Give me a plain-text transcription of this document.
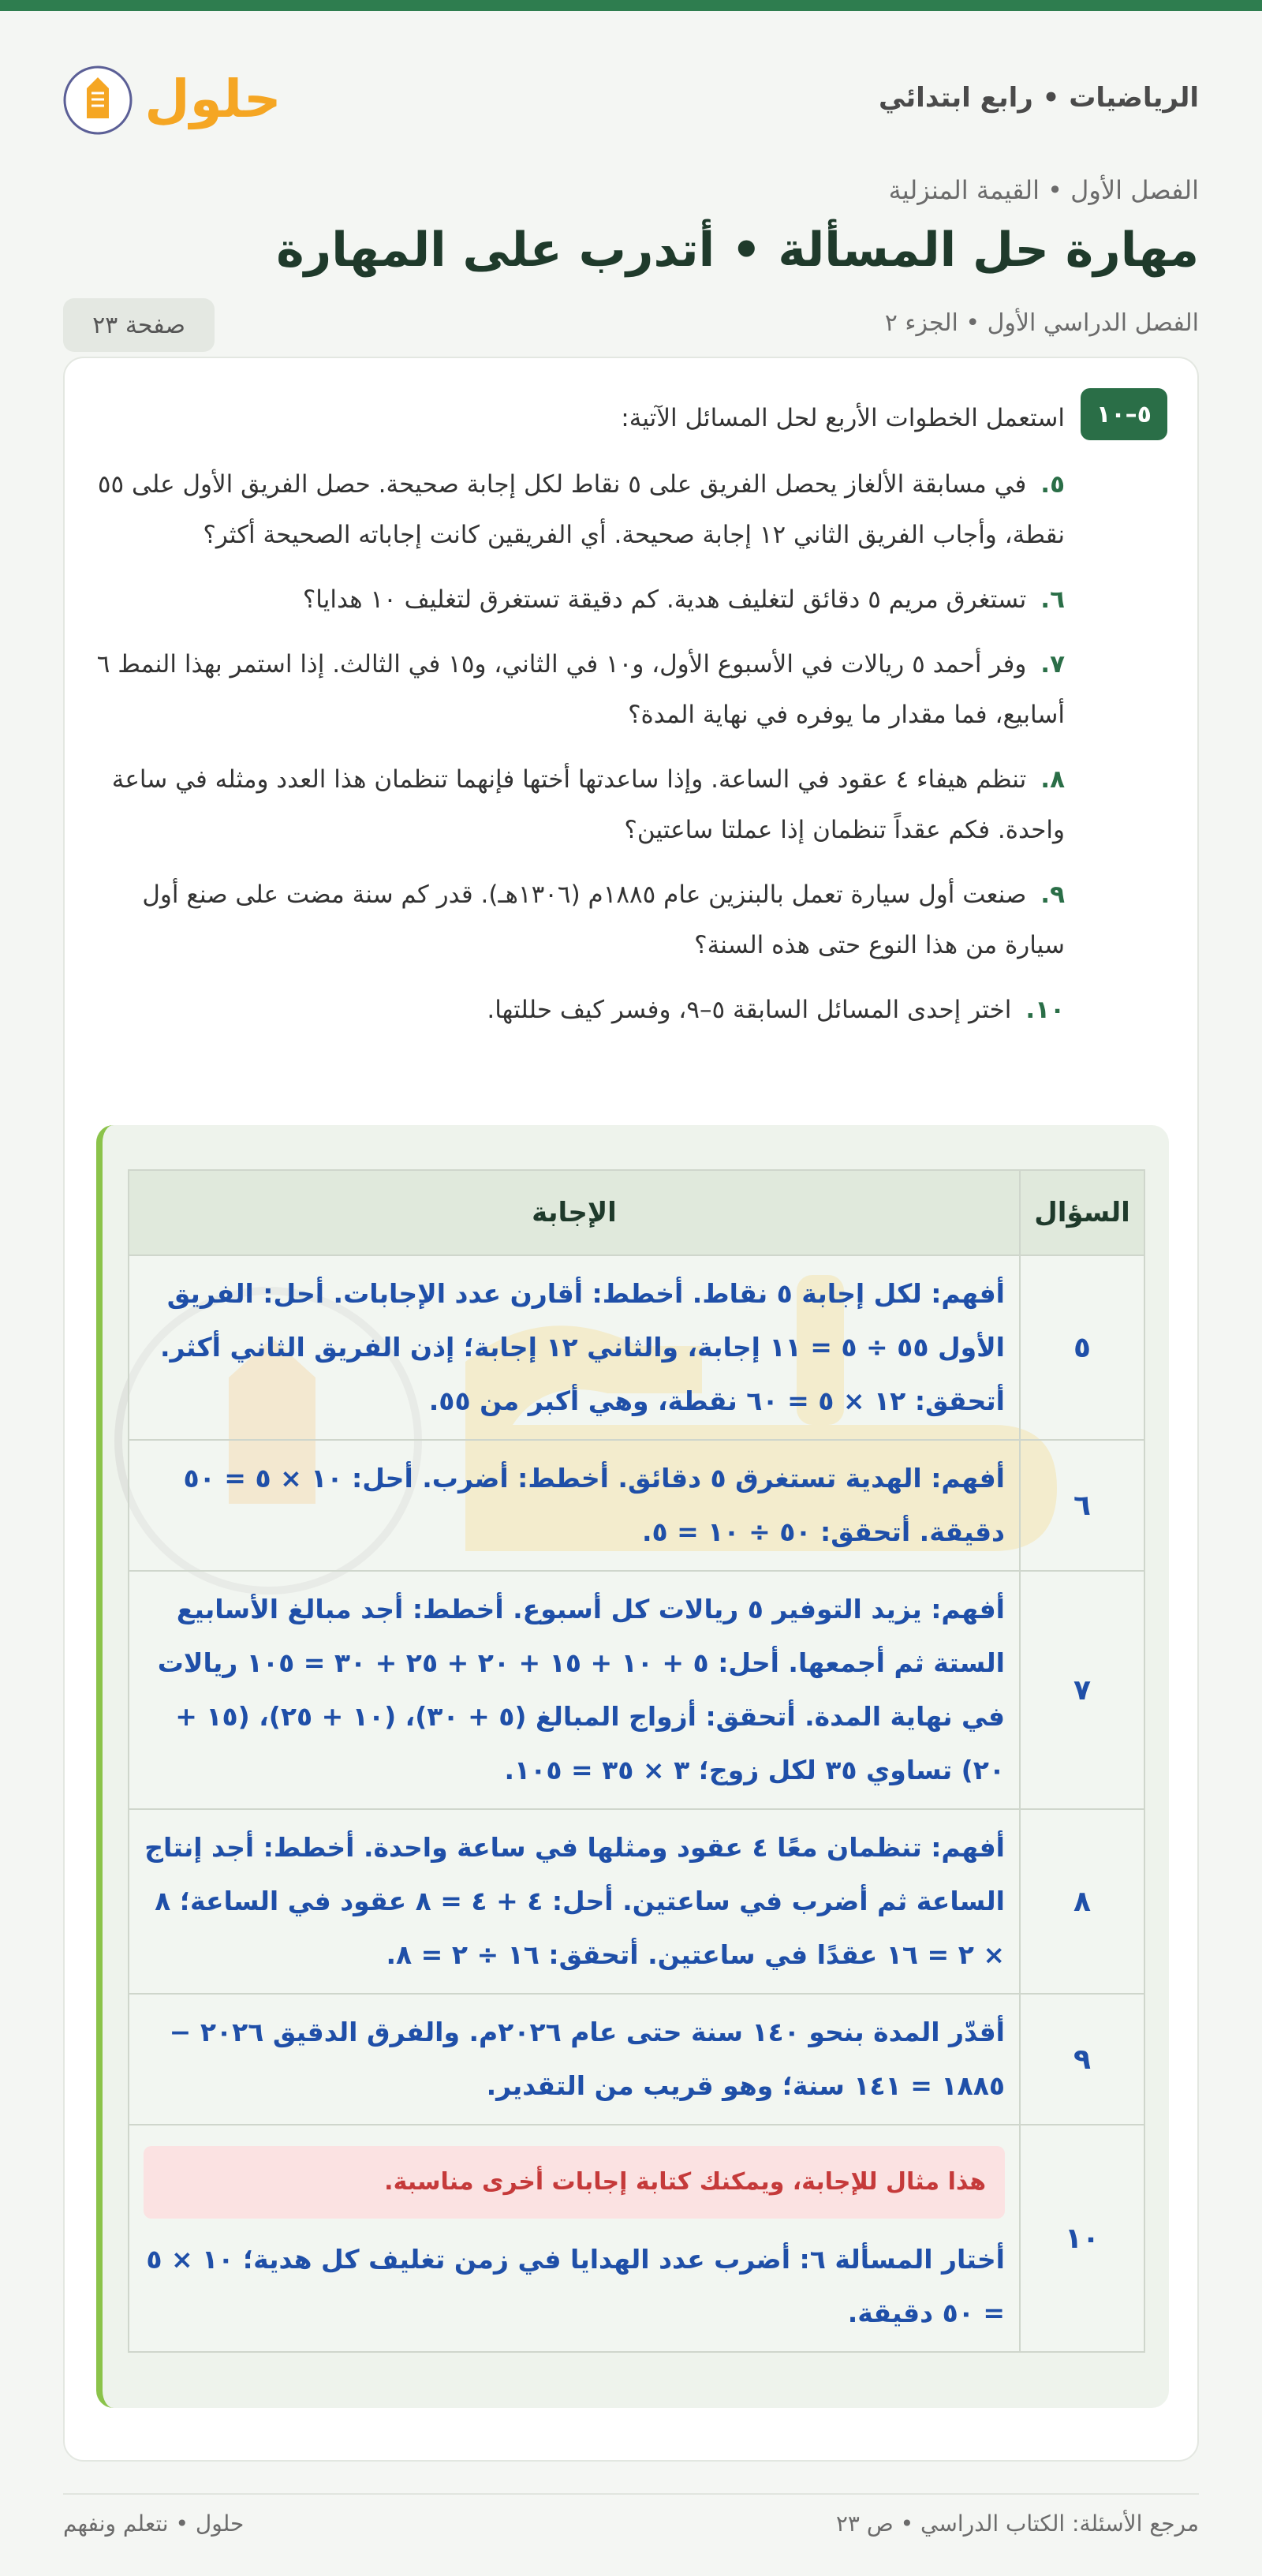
الرياضيات • رابع ابتدائي
حلول
الفصل الأول • القيمة المنزلية
مهارة حل المسألة • أتدرب على المهارة
الفصل الدراسي الأول • الجزء ٢
صفحة ٢٣
٥–١٠

استعمل الخطوات الأربع لحل المسائل الآتية:

٥.في مسابقة الألغاز يحصل الفريق على ٥ نقاط لكل إجابة صحيحة. حصل الفريق الأول على ٥٥ نقطة، وأجاب الفريق الثاني ١٢ إجابة صحيحة. أي الفريقين كانت إجاباته الصحيحة أكثر؟

٦.تستغرق مريم ٥ دقائق لتغليف هدية. كم دقيقة تستغرق لتغليف ١٠ هدايا؟

٧.وفر أحمد ٥ ريالات في الأسبوع الأول، و١٠ في الثاني، و١٥ في الثالث. إذا استمر بهذا النمط ٦ أسابيع، فما مقدار ما يوفره في نهاية المدة؟

٨.تنظم هيفاء ٤ عقود في الساعة. وإذا ساعدتها أختها فإنهما تنظمان هذا العدد ومثله في ساعة واحدة. فكم عقداً تنظمان إذا عملتا ساعتين؟

٩.صنعت أول سيارة تعمل بالبنزين عام ١٨٨٥م (١٣٠٦هـ). قدر كم سنة مضت على صنع أول سيارة من هذا النوع حتى هذه السنة؟

١٠.اختر إحدى المسائل السابقة ٥–٩، وفسر كيف حللتها.

السؤال	الإجابة
٥	أفهم: لكل إجابة ٥ نقاط. أخطط: أقارن عدد الإجابات. أحل: الفريق الأول ٥٥ ÷ ٥ = ١١ إجابة، والثاني ١٢ إجابة؛ إذن الفريق الثاني أكثر. أتحقق: ١٢ × ٥ = ٦٠ نقطة، وهي أكبر من ٥٥.
٦	أفهم: الهدية تستغرق ٥ دقائق. أخطط: أضرب. أحل: ١٠ × ٥ = ٥٠ دقيقة. أتحقق: ٥٠ ÷ ١٠ = ٥.
٧	أفهم: يزيد التوفير ٥ ريالات كل أسبوع. أخطط: أجد مبالغ الأسابيع الستة ثم أجمعها. أحل: ٥ + ١٠ + ١٥ + ٢٠ + ٢٥ + ٣٠ = ١٠٥ ريالات في نهاية المدة. أتحقق: أزواج المبالغ (٥ + ٣٠)، (١٠ + ٢٥)، (١٥ + ٢٠) تساوي ٣٥ لكل زوج؛ ٣ × ٣٥ = ١٠٥.
٨	أفهم: تنظمان معًا ٤ عقود ومثلها في ساعة واحدة. أخطط: أجد إنتاج الساعة ثم أضرب في ساعتين. أحل: ٤ + ٤ = ٨ عقود في الساعة؛ ٨ × ٢ = ١٦ عقدًا في ساعتين. أتحقق: ١٦ ÷ ٢ = ٨.
٩	أقدّر المدة بنحو ١٤٠ سنة حتى عام ٢٠٢٦م. والفرق الدقيق ٢٠٢٦ − ١٨٨٥ = ١٤١ سنة؛ وهو قريب من التقدير.
١٠	هذا مثال للإجابة، ويمكنك كتابة إجابات أخرى مناسبة.
أختار المسألة ٦: أضرب عدد الهدايا في زمن تغليف كل هدية؛ ١٠ × ٥ = ٥٠ دقيقة.
مرجع الأسئلة: الكتاب الدراسي • ص ٢٣
حلول • نتعلم ونفهم
